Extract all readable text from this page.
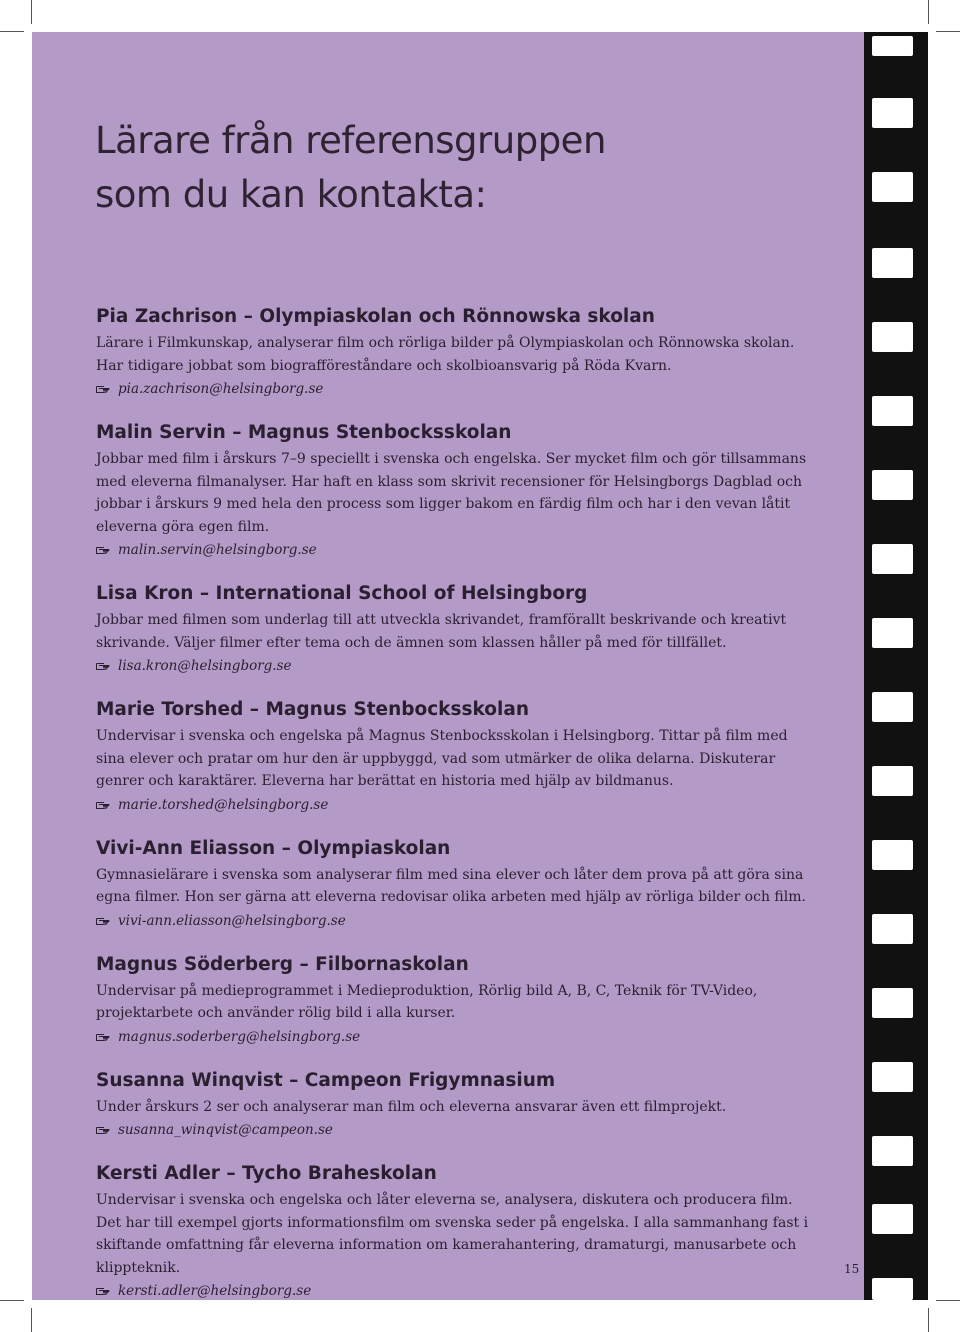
Lärare från referensgruppen
som du kan kontakta:
Pia Zachrison – Olympiaskolan och Rönnowska skolan

Lärare i Filmkunskap, analyserar film och rörliga bilder på Olympiaskolan och Rönnowska skolan. Har tidigare jobbat som biografföreståndare och skolbioansvarig på Röda Kvarn.

pia.zachrison@helsingborg.se
Malin Servin – Magnus Stenbocksskolan

Jobbar med film i årskurs 7–9 speciellt i svenska och engelska. Ser mycket film och gör tillsammans med eleverna filmanalyser. Har haft en klass som skrivit recensioner för Helsingborgs Dagblad och jobbar i årskurs 9 med hela den process som ligger bakom en färdig film och har i den vevan låtit eleverna göra egen film.

malin.servin@helsingborg.se
Lisa Kron – International School of Helsingborg

Jobbar med filmen som underlag till att utveckla skrivandet, framförallt beskrivande och kreativt skrivande. Väljer filmer efter tema och de ämnen som klassen håller på med för tillfället.

lisa.kron@helsingborg.se
Marie Torshed – Magnus Stenbocksskolan

Undervisar i svenska och engelska på Magnus Stenbocksskolan i Helsingborg. Tittar på film med sina elever och pratar om hur den är uppbyggd, vad som utmärker de olika delarna. Diskuterar genrer och karaktärer. Eleverna har berättat en historia med hjälp av bildmanus.

marie.torshed@helsingborg.se
Vivi-Ann Eliasson – Olympiaskolan

Gymnasielärare i svenska som analyserar film med sina elever och låter dem prova på att göra sina egna filmer. Hon ser gärna att eleverna redovisar olika arbeten med hjälp av rörliga bilder och film.

vivi-ann.eliasson@helsingborg.se
Magnus Söderberg – Filbornaskolan

Undervisar på medieprogrammet i Medieproduktion, Rörlig bild A, B, C, Teknik för TV-Video, projektarbete och använder rölig bild i alla kurser.

magnus.soderberg@helsingborg.se
Susanna Winqvist – Campeon Frigymnasium

Under årskurs 2 ser och analyserar man film och eleverna ansvarar även ett filmprojekt.

susanna_winqvist@campeon.se
Kersti Adler – Tycho Braheskolan

Undervisar i svenska och engelska och låter eleverna se, analysera, diskutera och producera film. Det har till exempel gjorts informationsfilm om svenska seder på engelska. I alla sammanhang fast i skiftande omfattning får eleverna information om kamerahantering, dramaturgi, manusarbete och klippteknik.

kersti.adler@helsingborg.se
15
